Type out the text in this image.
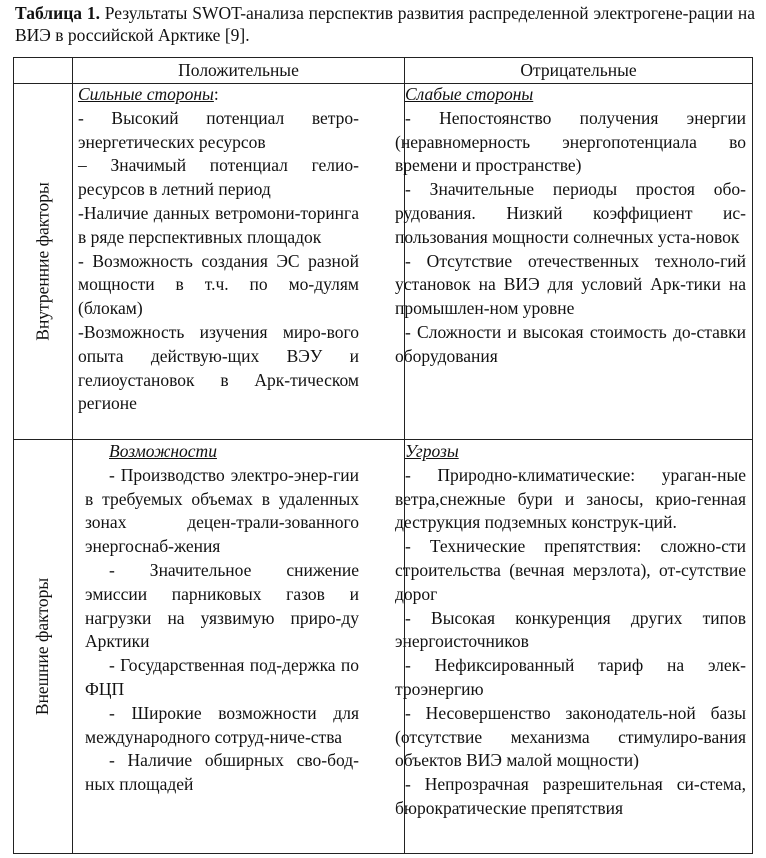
Таблица 1. Результаты SWOT-анализа перспектив развития распределенной электрогене-рации на ВИЭ в российской Арктике [9].
Положительные	Отрицательные
Внутренние факторы
Внешние факторы
Сильные стороны:

- Высокий потенциал ветро-энергетических ресурсов

– Значимый потенциал гелио-ресурсов в летний период

-Наличие данных ветромони-торинга в ряде перспективных площадок

- Возможность создания ЭС разной мощности в т.ч. по мо-дулям (блокам)

-Возможность изучения миро-вого опыта действую-щих ВЭУ и гелиоустановок в Арк-тическом регионе

Слабые стороны

- Непостоянство получения энергии (неравномерность энергопотенциала во времени и пространстве)

- Значительные периоды простоя обо-рудования. Низкий коэффициент ис-пользования мощности солнечных уста-новок

- Отсутствие отечественных техноло-гий установок на ВИЭ для условий Арк-тики на промышлен-ном уровне

- Сложности и высокая стоимость до-ставки оборудования

Возможности

- Производство электро-энер-гии в требуемых объемах в удаленных зонах децен-трали-зованного энергоснаб-жения

- Значительное снижение эмиссии парниковых газов и нагрузки на уязвимую приро-ду Арктики

- Государственная под-держка по ФЦП

- Широкие возможности для международного сотруд-ниче-ства

- Наличие обширных сво-бод-ных площадей

Угрозы

- Природно-климатические: ураган-ные ветра,снежные бури и заносы, крио-генная деструкция подземных конструк-ций.

- Технические препятствия: сложно-сти строительства (вечная мерзлота), от-сутствие дорог

- Высокая конкуренция других типов энергоисточников

- Нефиксированный тариф на элек-троэнергию

- Несовершенство законодатель-ной базы (отсутствие механизма стимулиро-вания объектов ВИЭ малой мощности)

- Непрозрачная разрешительная си-стема, бюрократические препятствия
